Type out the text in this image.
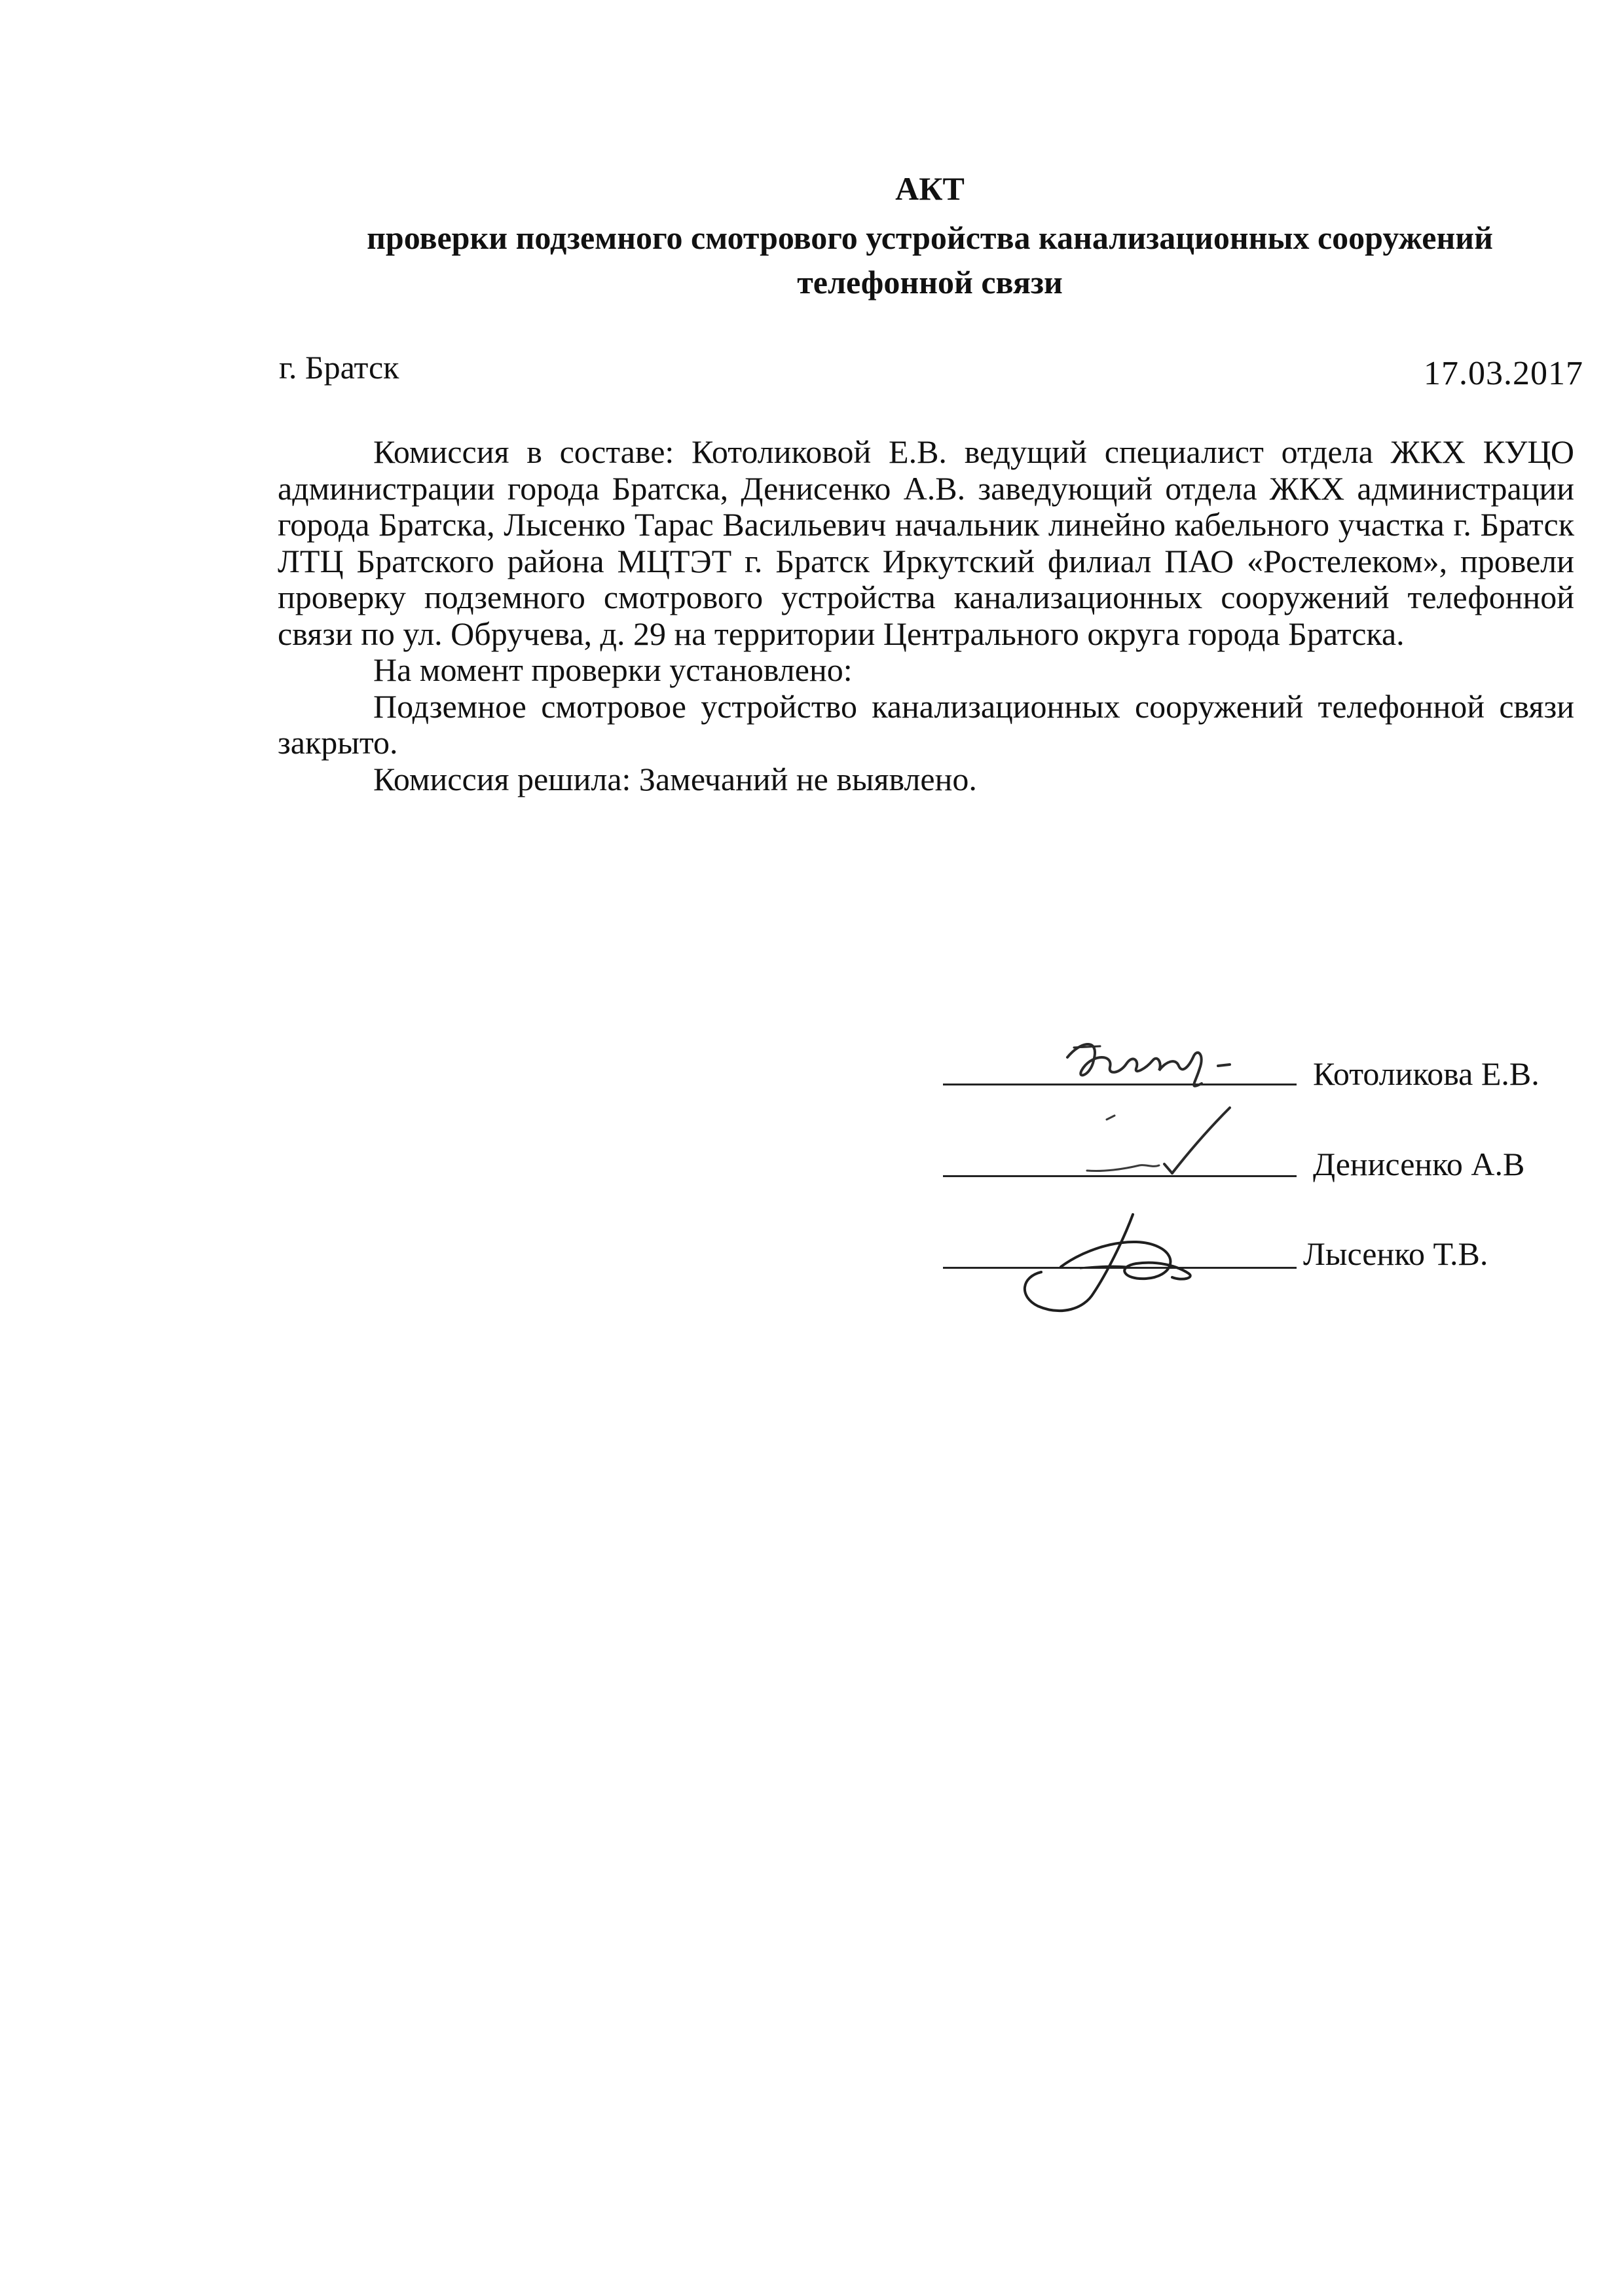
АКТ
проверки подземного смотрового устройства канализационных сооружений
телефонной связи
г. Братск	17.03.2017

Комиссия в составе: Котоликовой Е.В. ведущий специалист отдела ЖКХ КУЦО администрации города Братска, Денисенко А.В. заведующий отдела ЖКХ администрации города Братска, Лысенко Тарас Васильевич начальник линейно кабельного участка г. Братск ЛТЦ Братского района МЦТЭТ г. Братск Иркутский филиал ПАО «Ростелеком», провели проверку подземного смотрового устройства канализационных сооружений телефонной связи по ул. Обручева, д. 29 на территории Центрального округа города Братска.

На момент проверки установлено:

Подземное смотровое устройство канализационных сооружений телефонной связи закрыто.

Комиссия решила: Замечаний не выявлено.

Котоликова Е.В.
Денисенко А.В
Лысенко Т.В.
